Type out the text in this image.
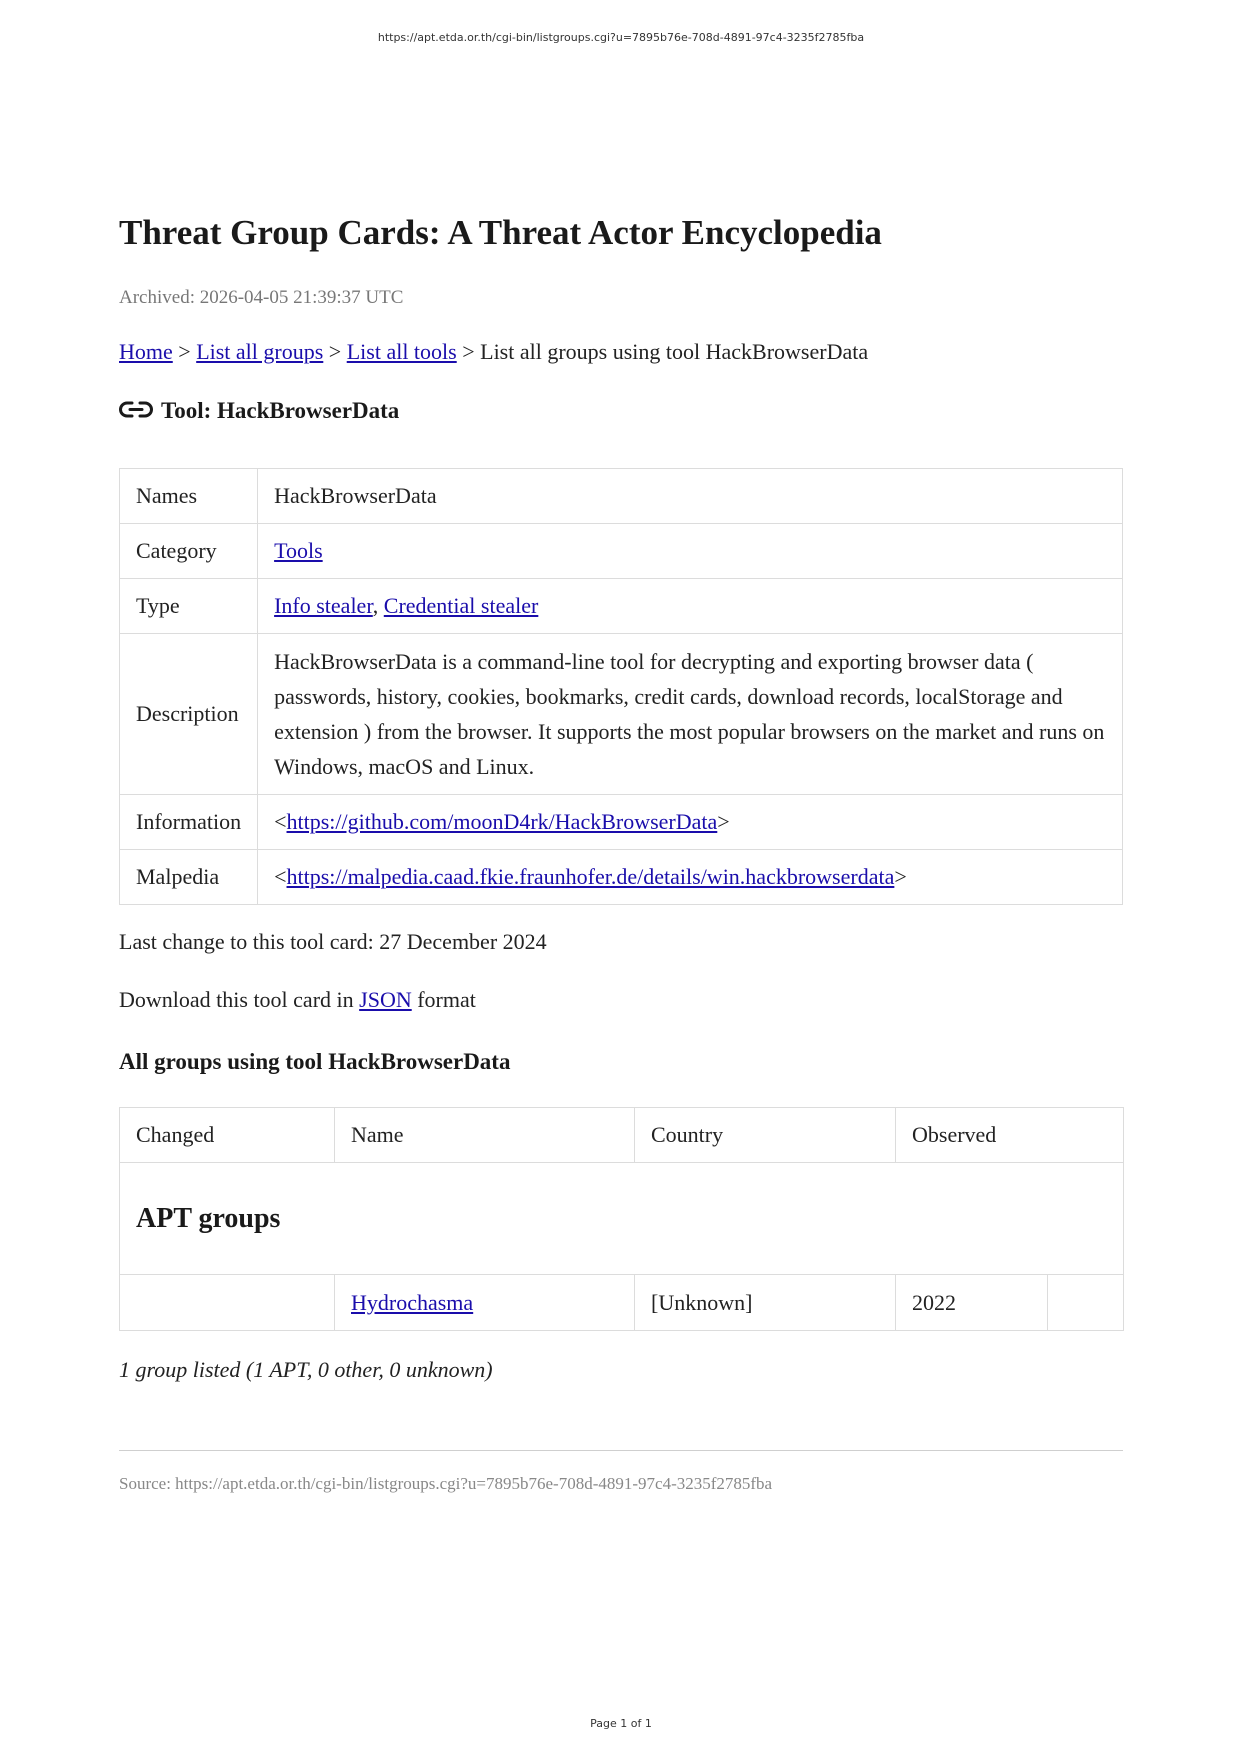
https://apt.etda.or.th/cgi-bin/listgroups.cgi?u=7895b76e-708d-4891-97c4-3235f2785fba
Threat Group Cards: A Threat Actor Encyclopedia

Archived: 2026-04-05 21:39:37 UTC

Home > List all groups > List all tools > List all groups using tool HackBrowserData

Tool: HackBrowserData
Names	HackBrowserData
Category	Tools
Type	Info stealer, Credential stealer
Description	HackBrowserData is a command-line tool for decrypting and exporting browser data ( passwords, history, cookies, bookmarks, credit cards, download records, localStorage and extension ) from the browser. It supports the most popular browsers on the market and runs on Windows, macOS and Linux.
Information	<https://github.com/moonD4rk/HackBrowserData>
Malpedia	<https://malpedia.caad.fkie.fraunhofer.de/details/win.hackbrowserdata>

Last change to this tool card: 27 December 2024

Download this tool card in JSON format

All groups using tool HackBrowserData
Changed	Name	Country	Observed	
APT groups				
	Hydrochasma	[Unknown]	2022	

1 group listed (1 APT, 0 other, 0 unknown)

Source: https://apt.etda.or.th/cgi-bin/listgroups.cgi?u=7895b76e-708d-4891-97c4-3235f2785fba

Page 1 of 1
